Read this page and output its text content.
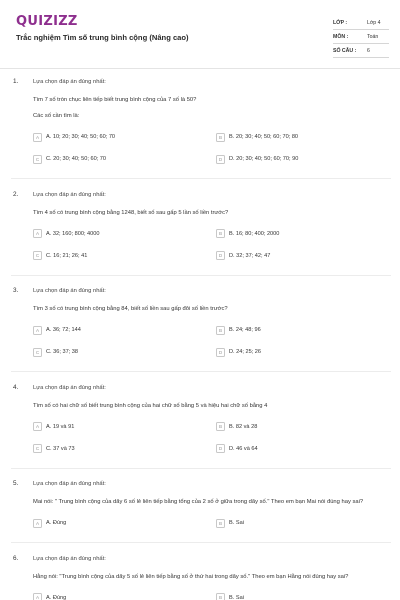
QUIZIZZ
Trắc nghiệm Tìm số trung bình cộng (Nâng cao)
LỚP :	Lớp 4
MÔN :	Toán
SỐ CÂU : 6
1.	Lựa chọn đáp án đúng nhất:
Tìm 7 số tròn chục liên tiếp biết trung bình cộng của 7 số là 50?
Các số cần tìm là:
A	A. 10; 20; 30; 40; 50; 60; 70	B	B. 20; 30; 40; 50; 60; 70; 80
C	C. 20; 30; 40; 50; 60; 70	D	D. 20; 30; 40; 50; 60; 70; 90
2.	Lựa chọn đáp án đúng nhất:
Tìm 4 số có trung bình cộng bằng 1248, biết số sau gấp 5 lần số liền trước?
A	A. 32; 160; 800; 4000	B	B. 16; 80; 400; 2000
C	C. 16; 21; 26; 41	D	D. 32; 37; 42; 47
3.	Lựa chọn đáp án đúng nhất:
Tìm 3 số có trung bình cộng bằng 84, biết số liền sau gấp đôi số liền trước?
A	A. 36; 72; 144	B	B. 24; 48; 96
C	C. 36; 37; 38	D	D. 24; 25; 26
4.	Lựa chọn đáp án đúng nhất:
Tìm số có hai chữ số biết trung bình cộng của hai chữ số bằng 5 và hiệu hai chữ số bằng 4
A	A. 19 và 91	B	B. 82 và 28
C	C. 37 và 73	D	D. 46 và 64
5.	Lựa chọn đáp án đúng nhất:
Mai nói: " Trung bình cộng của dãy 6 số lẻ liên tiếp bằng tổng của 2 số ở giữa trong dãy số." Theo em bạn Mai nói đúng hay sai?
A	A. Đúng	B	B. Sai
6.	Lựa chọn đáp án đúng nhất:
Hằng nói: "Trung bình cộng của dãy 5 số lẻ liên tiếp bằng số ở thứ hai trong dãy số." Theo em bạn Hằng nói đúng hay sai?
A	A. Đúng	B	B. Sai
